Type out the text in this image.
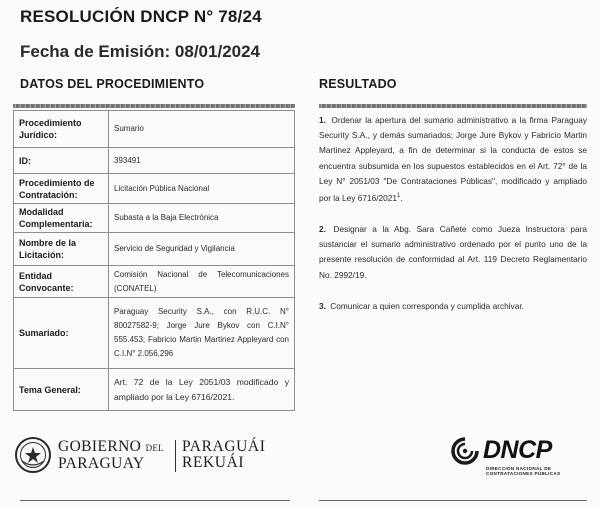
RESOLUCIÓN DNCP N° 78/24
Fecha de Emisión: 08/01/2024
DATOS DEL PROCEDIMIENTO	RESULTADO
Procedimiento Jurídico:	Sumario
ID:	393491
Procedimiento de Contratación:	Licitación Pública Nacional
Modalidad Complementaria:	Subasta a la Baja Electrónica
Nombre de la Licitación:	Servicio de Seguridad y Vigilancia
Entidad Convocante:	Comisión Nacional de Telecomunicaciones (CONATEL)
Sumariado:	Paraguay Security S.A., con R.U.C. N° 80027582-9; Jorge Jure Bykov con C.I.N° 555.453; Fabricio Martin Martinez Appleyard con C.I.N° 2.056.296
Tema General:	Art. 72 de la Ley 2051/03 modificado y ampliado por la Ley 6716/2021.

1. Ordenar la apertura del sumario administrativo a la firma Paraguay Security S.A., y demás sumariados; Jorge Jure Bykov y Fabricio Martin Martinez Appleyard, a fin de determinar si la conducta de estos se encuentra subsumida en los supuestos establecidos en el Art. 72° de la Ley N° 2051/03 "De Contrataciones Públicas", modificado y ampliado por la Ley 6716/2021$^1$.

2. Designar a la Abg. Sara Cañete como Jueza Instructora para sustanciar el sumario administrativo ordenado por el punto uno de la presente resolución de conformidad al Art. 119 Decreto Reglamentario No. 2992/19.

3. Comunicar a quien corresponda y cumplida archivar.

GOBIERNO DEL
PARAGUAY
PARAGUÁI
REKUÁI	DNCP
DIRECCIÓN NACIONAL DE
CONTRATACIONES PÚBLICAS
